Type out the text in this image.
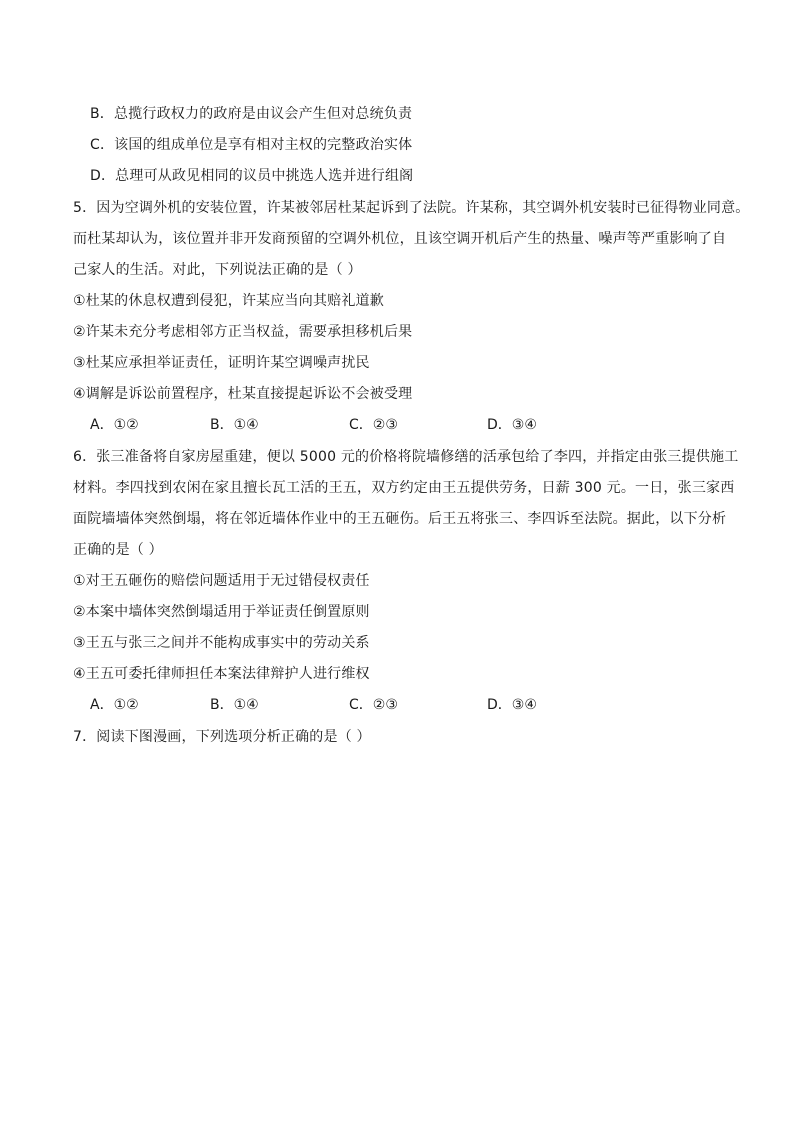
B．总揽行政权力的政府是由议会产生但对总统负责
C．该国的组成单位是享有相对主权的完整政治实体
D．总理可从政见相同的议员中挑选人选并进行组阁
5．因为空调外机的安装位置，许某被邻居杜某起诉到了法院。许某称，其空调外机安装时已征得物业同意。
而杜某却认为，该位置并非开发商预留的空调外机位，且该空调开机后产生的热量、噪声等严重影响了自
己家人的生活。对此，下列说法正确的是（ ）
①杜某的休息权遭到侵犯，许某应当向其赔礼道歉
②许某未充分考虑相邻方正当权益，需要承担移机后果
③杜某应承担举证责任，证明许某空调噪声扰民
④调解是诉讼前置程序，杜某直接提起诉讼不会被受理
A．①②	B．①④	C．②③	D．③④
6．张三准备将自家房屋重建，便以 5000 元的价格将院墙修缮的活承包给了李四，并指定由张三提供施工
材料。李四找到农闲在家且擅长瓦工活的王五，双方约定由王五提供劳务，日薪 300 元。一日，张三家西
面院墙墙体突然倒塌，将在邻近墙体作业中的王五砸伤。后王五将张三、李四诉至法院。据此，以下分析
正确的是（ ）
①对王五砸伤的赔偿问题适用于无过错侵权责任
②本案中墙体突然倒塌适用于举证责任倒置原则
③王五与张三之间并不能构成事实中的劳动关系
④王五可委托律师担任本案法律辩护人进行维权
A．①②	B．①④	C．②③	D．③④
7．阅读下图漫画，下列选项分析正确的是（ ）
